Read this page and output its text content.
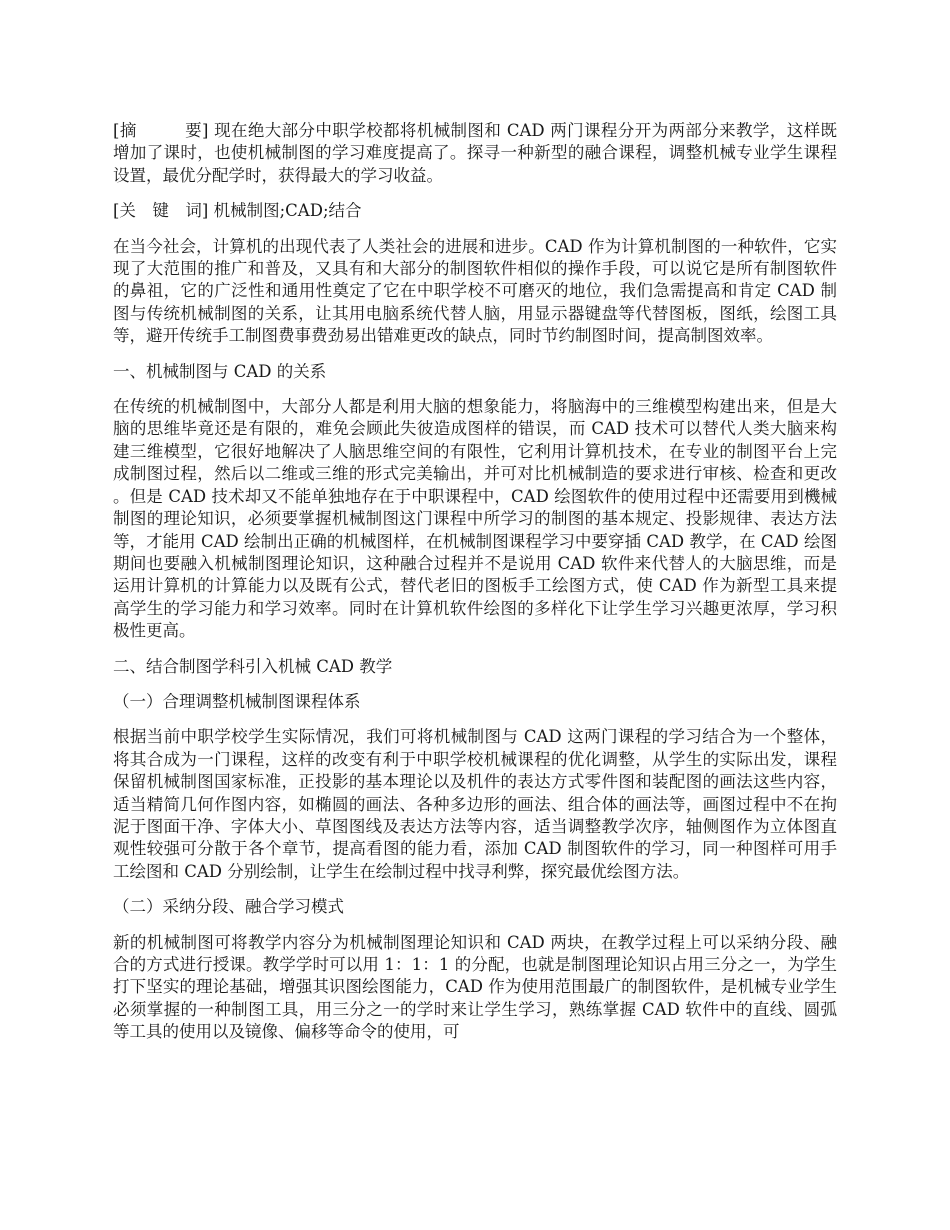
[摘	要] 现在绝大部分中职学校都将机械制图和 CAD 两门课程分开为两部分来教学，这样既增加了课时，也使机械制图的学习难度提高了。探寻一种新型的融合课程，调整机械专业学生课程设置，最优分配学时，获得最大的学习收益。

[关　键　词] 机械制图;CAD;结合

在当今社会，计算机的出现代表了人类社会的进展和进步。CAD 作为计算机制图的一种软件，它实现了大范围的推广和普及，又具有和大部分的制图软件相似的操作手段，可以说它是所有制图软件的鼻祖，它的广泛性和通用性奠定了它在中职学校不可磨灭的地位，我们急需提高和肯定 CAD 制图与传统机械制图的关系，让其用电脑系统代替人脑，用显示器键盘等代替图板，图纸，绘图工具等，避开传统手工制图费事费劲易出错难更改的缺点，同时节约制图时间，提高制图效率。

一、机械制图与 CAD 的关系

在传统的机械制图中，大部分人都是利用大脑的想象能力，将脑海中的三维模型构建出来，但是大脑的思维毕竟还是有限的，难免会顾此失彼造成图样的错误，而 CAD 技术可以替代人类大脑来构建三维模型，它很好地解决了人脑思维空间的有限性，它利用计算机技术，在专业的制图平台上完成制图过程，然后以二维或三维的形式完美输出，并可对比机械制造的要求进行审核、检查和更改。但是 CAD 技术却又不能单独地存在于中职课程中，CAD 绘图软件的使用过程中还需要用到機械制图的理论知识，必须要掌握机械制图这门课程中所学习的制图的基本规定、投影规律、表达方法等，才能用 CAD 绘制出正确的机械图样，在机械制图课程学习中要穿插 CAD 教学，在 CAD 绘图期间也要融入机械制图理论知识，这种融合过程并不是说用 CAD 软件来代替人的大脑思维，而是运用计算机的计算能力以及既有公式，替代老旧的图板手工绘图方式，使 CAD 作为新型工具来提高学生的学习能力和学习效率。同时在计算机软件绘图的多样化下让学生学习兴趣更浓厚，学习积极性更高。

二、结合制图学科引入机械 CAD 教学

（一）合理调整机械制图课程体系

根据当前中职学校学生实际情况，我们可将机械制图与 CAD 这两门课程的学习结合为一个整体，将其合成为一门课程，这样的改变有利于中职学校机械课程的优化调整，从学生的实际出发，课程保留机械制图国家标准，正投影的基本理论以及机件的表达方式零件图和装配图的画法这些内容，适当精简几何作图内容，如椭圆的画法、各种多边形的画法、组合体的画法等，画图过程中不在拘泥于图面干净、字体大小、草图图线及表达方法等内容，适当调整教学次序，轴侧图作为立体图直观性较强可分散于各个章节，提高看图的能力看，添加 CAD 制图软件的学习，同一种图样可用手工绘图和 CAD 分别绘制，让学生在绘制过程中找寻利弊，探究最优绘图方法。

（二）采纳分段、融合学习模式

新的机械制图可将教学内容分为机械制图理论知识和 CAD 两块，在教学过程上可以采纳分段、融合的方式进行授课。教学学时可以用 1：1：1 的分配，也就是制图理论知识占用三分之一，为学生打下坚实的理论基础，增强其识图绘图能力，CAD 作为使用范围最广的制图软件，是机械专业学生必须掌握的一种制图工具，用三分之一的学时来让学生学习，熟练掌握 CAD 软件中的直线、圆弧等工具的使用以及镜像、偏移等命令的使用，可
